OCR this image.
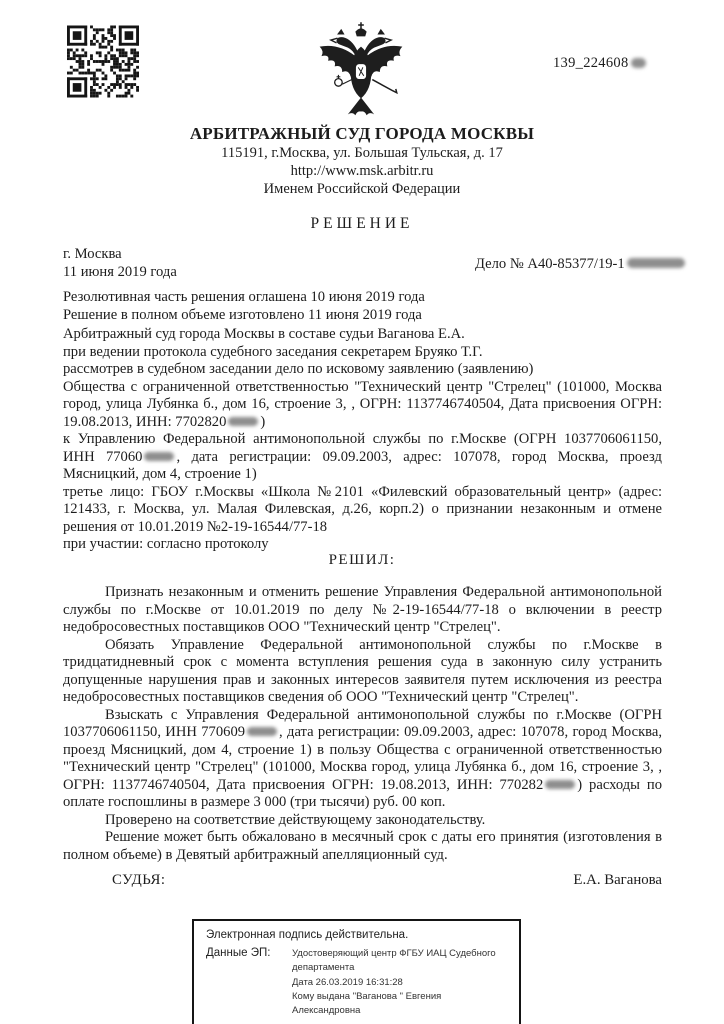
139_224608
АРБИТРАЖНЫЙ СУД ГОРОДА МОСКВЫ
115191, г.Москва, ул. Большая Тульская, д. 17
http://www.msk.arbitr.ru
Именем Российской Федерации
РЕШЕНИЕ
г. Москва
11 июня 2019 года	Дело № А40-85377/19-1
Резолютивная часть решения оглашена 10 июня 2019 года
Решение в полном объеме изготовлено 11 июня 2019 года

Арбитражный суд города Москвы в составе судьи Ваганова Е.А.

при ведении протокола судебного заседания секретарем Бруяко Т.Г.

рассмотрев в судебном заседании дело по исковому заявлению (заявлению)

Общества с ограниченной ответственностью "Технический центр "Стрелец" (101000, Москва город, улица Лубянка б., дом 16, строение 3, , ОГРН: 1137746740504, Дата присвоения ОГРН: 19.08.2013, ИНН: 7702820 )

к Управлению Федеральной антимонопольной службы по г.Москве (ОГРН 1037706061150, ИНН 77060 , дата регистрации: 09.09.2003, адрес: 107078, город Москва, проезд Мясницкий, дом 4, строение 1)

третье лицо: ГБОУ г.Москвы «Школа №2101 «Филевский образовательный центр» (адрес: 121433, г. Москва, ул. Малая Филевская, д.26, корп.2) о признании незаконным и отмене решения от 10.01.2019 №2-19-16544/77-18

при участии: согласно протоколу

РЕШИЛ:

Признать незаконным и отменить решение Управления Федеральной антимонопольной службы по г.Москве от 10.01.2019 по делу №2-19-16544/77-18 о включении в реестр недобросовестных поставщиков ООО "Технический центр "Стрелец".

Обязать Управление Федеральной антимонопольной службы по г.Москве в тридцатидневный срок с момента вступления решения суда в законную силу устранить допущенные нарушения прав и законных интересов заявителя путем исключения из реестра недобросовестных поставщиков сведения об ООО "Технический центр "Стрелец".

Взыскать с Управления Федеральной антимонопольной службы по г.Москве (ОГРН 1037706061150, ИНН 770609 , дата регистрации: 09.09.2003, адрес: 107078, город Москва, проезд Мясницкий, дом 4, строение 1) в пользу Общества с ограниченной ответственностью "Технический центр "Стрелец" (101000, Москва город, улица Лубянка б., дом 16, строение 3, , ОГРН: 1137746740504, Дата присвоения ОГРН: 19.08.2013, ИНН: 770282 ) расходы по оплате госпошлины в размере 3 000 (три тысячи) руб. 00 коп.

Проверено на соответствие действующему законодательству.

Решение может быть обжаловано в месячный срок с даты его принятия (изготовления в полном объеме) в Девятый арбитражный апелляционный суд.

СУДЬЯ:	Е.А. Ваганова
Электронная подпись действительна.
Данные ЭП:	Удостоверяющий центр ФГБУ ИАЦ Судебного департамента

Дата 26.03.2019 16:31:28

Кому выдана "Ваганова " Евгения Александровна
